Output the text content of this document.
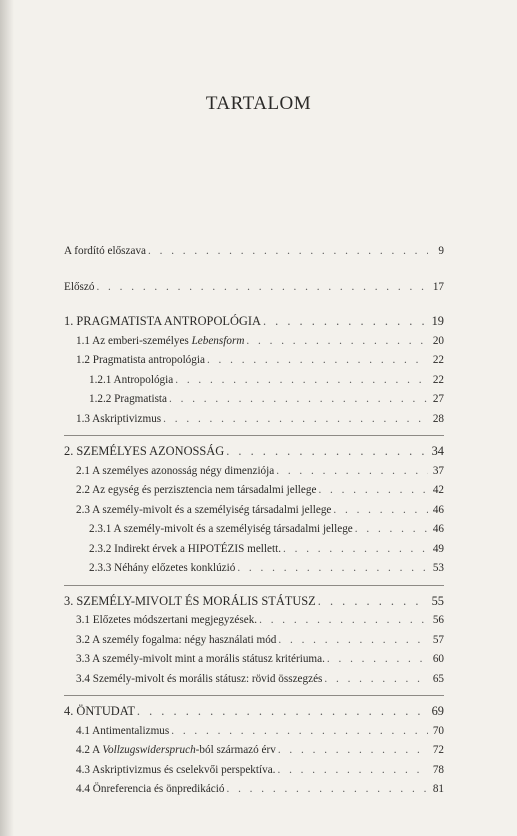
TARTALOM
A fordító előszava . . .	9
Előszó . . .	17
1. PRAGMATISTA ANTROPOLÓGIA . . .	19
1.1 Az emberi-személyes Lebensform . . .	20
1.2 Pragmatista antropológia . . .	22
1.2.1 Antropológia . . .	22
1.2.2 Pragmatista . . .	27
1.3 Askriptivizmus . . .	28
2. SZEMÉLYES AZONOSSÁG . . .	34
2.1 A személyes azonosság négy dimenziója . . .	37
2.2 Az egység és perzisztencia nem társadalmi jellege . . .	42
2.3 A személy-mivolt és a személyiség társadalmi jellege . . .	46
2.3.1 A személy-mivolt és a személyiség társadalmi jellege . . .	46
2.3.2 Indirekt érvek a HIPOTÉZIS mellett. . . .	49
2.3.3 Néhány előzetes konklúzió . . .	53
3. SZEMÉLY-MIVOLT ÉS MORÁLIS STÁTUSZ . . .	55
3.1 Előzetes módszertani megjegyzések. . . .	56
3.2 A személy fogalma: négy használati mód . . .	57
3.3 A személy-mivolt mint a morális státusz kritériuma. . . .	60
3.4 Személy-mivolt és morális státusz: rövid összegzés . . .	65
4. ÖNTUDAT . . .	69
4.1 Antimentalizmus . . .	70
4.2 A Vollzugswiderspruch-ból származó érv . . .	72
4.3 Askriptivizmus és cselekvői perspektíva. . . .	78
4.4 Önreferencia és önpredikáció . . .	81
